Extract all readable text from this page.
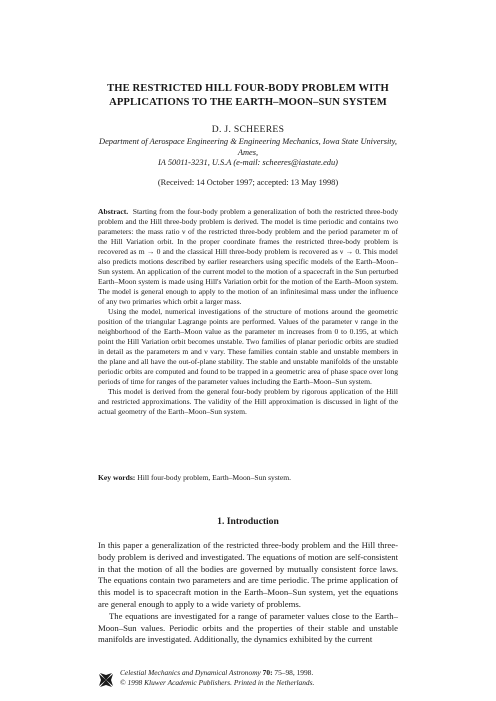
THE RESTRICTED HILL FOUR-BODY PROBLEM WITH
APPLICATIONS TO THE EARTH–MOON–SUN SYSTEM
D. J. SCHEERES
Department of Aerospace Engineering & Engineering Mechanics, Iowa State University, Ames,
IA 50011-3231, U.S.A (e-mail: scheeres@iastate.edu)
(Received: 14 October 1997; accepted: 13 May 1998)

Abstract. Starting from the four-body problem a generalization of both the restricted three-body problem and the Hill three-body problem is derived. The model is time periodic and contains two parameters: the mass ratio ν of the restricted three-body problem and the period parameter m of the Hill Variation orbit. In the proper coordinate frames the restricted three-body problem is recovered as m → 0 and the classical Hill three-body problem is recovered as ν → 0. This model also predicts motions described by earlier researchers using specific models of the Earth–Moon–Sun system. An application of the current model to the motion of a spacecraft in the Sun perturbed Earth–Moon system is made using Hill's Variation orbit for the motion of the Earth–Moon system. The model is general enough to apply to the motion of an infinitesimal mass under the influence of any two primaries which orbit a larger mass.

Using the model, numerical investigations of the structure of motions around the geometric position of the triangular Lagrange points are performed. Values of the parameter ν range in the neighborhood of the Earth–Moon value as the parameter m increases from 0 to 0.195, at which point the Hill Variation orbit becomes unstable. Two families of planar periodic orbits are studied in detail as the parameters m and ν vary. These families contain stable and unstable members in the plane and all have the out-of-plane stability. The stable and unstable manifolds of the unstable periodic orbits are computed and found to be trapped in a geometric area of phase space over long periods of time for ranges of the parameter values including the Earth–Moon–Sun system.

This model is derived from the general four-body problem by rigorous application of the Hill and restricted approximations. The validity of the Hill approximation is discussed in light of the actual geometry of the Earth–Moon–Sun system.

Key words: Hill four-body problem, Earth–Moon–Sun system.
1. Introduction

In this paper a generalization of the restricted three-body problem and the Hill three-body problem is derived and investigated. The equations of motion are self-consistent in that the motion of all the bodies are governed by mutually consistent force laws. The equations contain two parameters and are time periodic. The prime application of this model is to spacecraft motion in the Earth–Moon–Sun system, yet the equations are general enough to apply to a wide variety of problems.

The equations are investigated for a range of parameter values close to the Earth–Moon–Sun values. Periodic orbits and the properties of their stable and unstable manifolds are investigated. Additionally, the dynamics exhibited by the current

Celestial Mechanics and Dynamical Astronomy 70: 75–98, 1998.
© 1998 Kluwer Academic Publishers. Printed in the Netherlands.
